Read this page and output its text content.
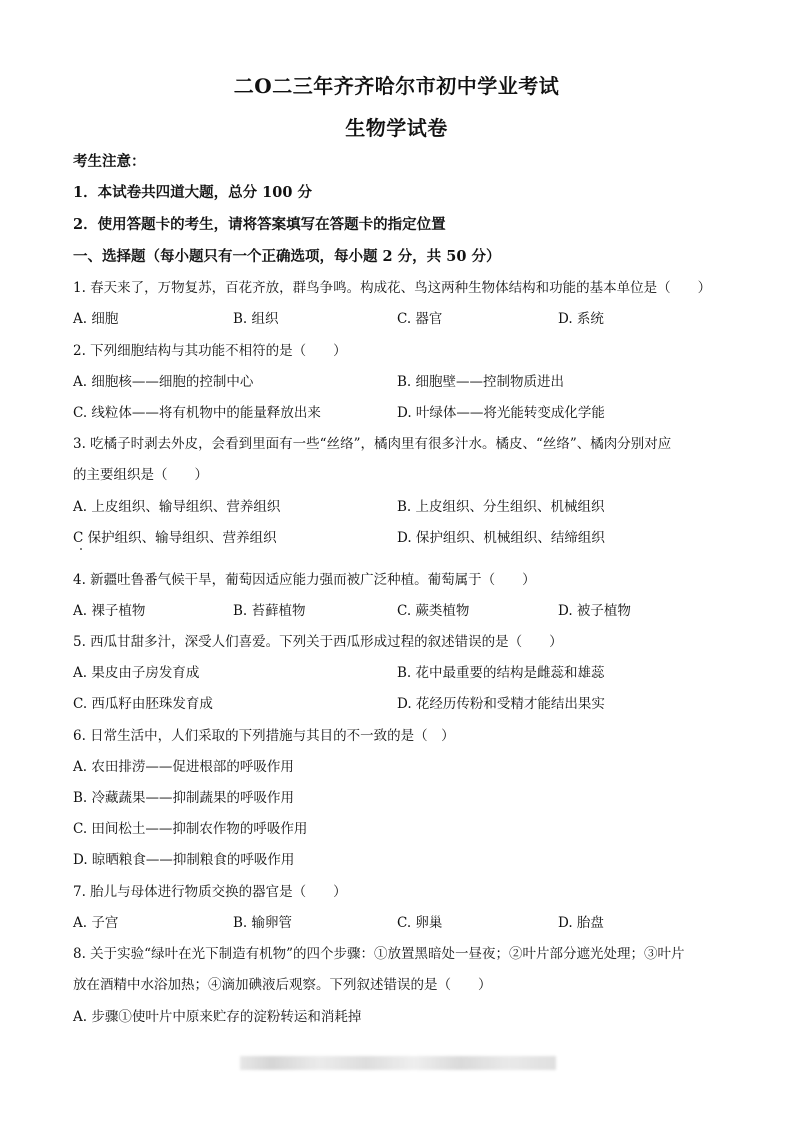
二O二三年齐齐哈尔市初中学业考试
生物学试卷
考生注意：
1．本试卷共四道大题，总分 100 分
2．使用答题卡的考生，请将答案填写在答题卡的指定位置
一、选择题（每小题只有一个正确选项，每小题 2 分，共 50 分）
1. 春天来了，万物复苏，百花齐放，群鸟争鸣。构成花、鸟这两种生物体结构和功能的基本单位是（　　）
A. 细胞	B. 组织	C. 器官	D. 系统
2. 下列细胞结构与其功能不相符的是（　　）
A. 细胞核——细胞的控制中心	B. 细胞壁——控制物质进出
C. 线粒体——将有机物中的能量释放出来	D. 叶绿体——将光能转变成化学能
3. 吃橘子时剥去外皮，会看到里面有一些“丝络”，橘肉里有很多汁水。橘皮、“丝络”、橘肉分别对应
的主要组织是（　　）
A. 上皮组织、输导组织、营养组织	B. 上皮组织、分生组织、机械组织
C 保护组织、输导组织、营养组织	D. 保护组织、机械组织、结缔组织
4. 新疆吐鲁番气候干旱，葡萄因适应能力强而被广泛种植。葡萄属于（　　）
A. 裸子植物	B. 苔藓植物	C. 蕨类植物	D. 被子植物
5. 西瓜甘甜多汁，深受人们喜爱。下列关于西瓜形成过程的叙述错误的是（　　）
A. 果皮由子房发育成	B. 花中最重要的结构是雌蕊和雄蕊
C. 西瓜籽由胚珠发育成	D. 花经历传粉和受精才能结出果实
6. 日常生活中，人们采取的下列措施与其目的不一致的是（　）
A. 农田排涝——促进根部的呼吸作用
B. 冷藏蔬果——抑制蔬果的呼吸作用
C. 田间松土——抑制农作物的呼吸作用
D. 晾晒粮食——抑制粮食的呼吸作用
7. 胎儿与母体进行物质交换的器官是（　　）
A. 子宫	B. 输卵管	C. 卵巢	D. 胎盘
8. 关于实验“绿叶在光下制造有机物”的四个步骤：①放置黑暗处一昼夜；②叶片部分遮光处理；③叶片
放在酒精中水浴加热；④滴加碘液后观察。下列叙述错误的是（　　）
A. 步骤①使叶片中原来贮存的淀粉转运和消耗掉
